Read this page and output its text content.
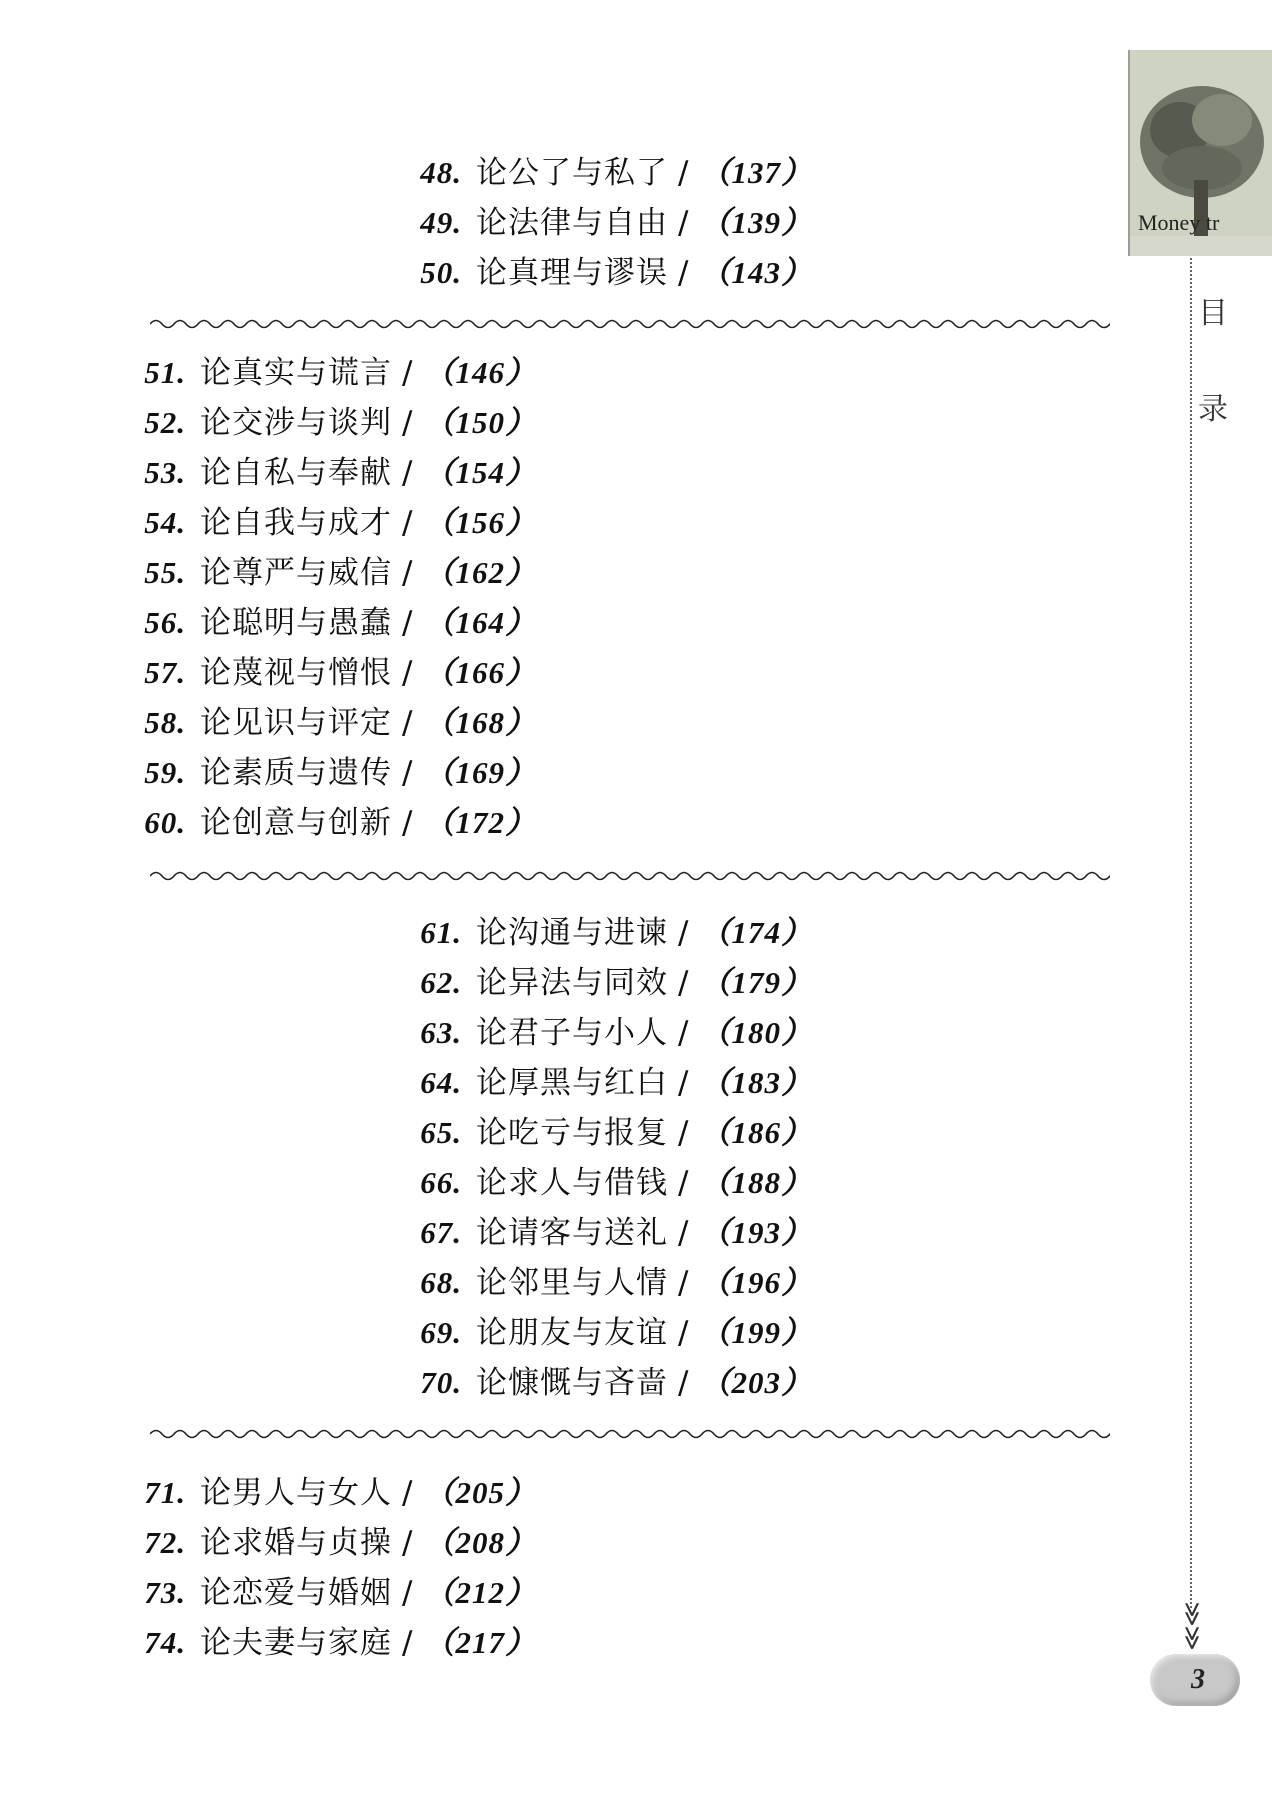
48. 论公了与私了 / （137）
49. 论法律与自由 / （139）
50. 论真理与谬误 / （143）
51. 论真实与谎言 / （146）
52. 论交涉与谈判 / （150）
53. 论自私与奉献 / （154）
54. 论自我与成才 / （156）
55. 论尊严与威信 / （162）
56. 论聪明与愚蠢 / （164）
57. 论蔑视与憎恨 / （166）
58. 论见识与评定 / （168）
59. 论素质与遗传 / （169）
60. 论创意与创新 / （172）
61. 论沟通与进谏 / （174）
62. 论异法与同效 / （179）
63. 论君子与小人 / （180）
64. 论厚黑与红白 / （183）
65. 论吃亏与报复 / （186）
66. 论求人与借钱 / （188）
67. 论请客与送礼 / （193）
68. 论邻里与人情 / （196）
69. 论朋友与友谊 / （199）
70. 论慷慨与吝啬 / （203）
71. 论男人与女人 / （205）
72. 论求婚与贞操 / （208）
73. 论恋爱与婚姻 / （212）
74. 论夫妻与家庭 / （217）
Money tr
目
录
≫
≫
3
